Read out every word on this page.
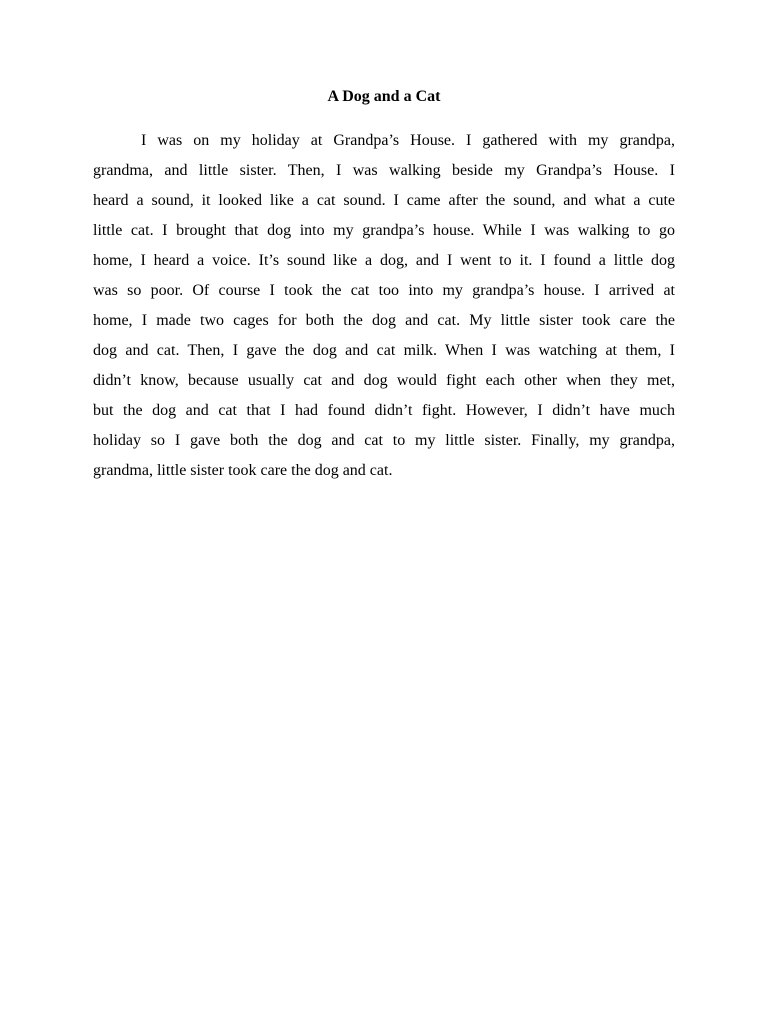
A Dog and a Cat
I was on my holiday at Grandpa’s House. I gathered with my grandpa,
grandma, and little sister. Then, I was walking beside my Grandpa’s House. I
heard a sound, it looked like a cat sound. I came after the sound, and what a cute
little cat. I brought that dog into my grandpa’s house. While I was walking to go
home, I heard a voice. It’s sound like a dog, and I went to it. I found a little dog
was so poor. Of course I took the cat too into my grandpa’s house. I arrived at
home, I made two cages for both the dog and cat. My little sister took care the
dog and cat. Then, I gave the dog and cat milk. When I was watching at them, I
didn’t know, because usually cat and dog would fight each other when they met,
but the dog and cat that I had found didn’t fight. However, I didn’t have much
holiday so I gave both the dog and cat to my little sister. Finally, my grandpa,
grandma, little sister took care the dog and cat.
